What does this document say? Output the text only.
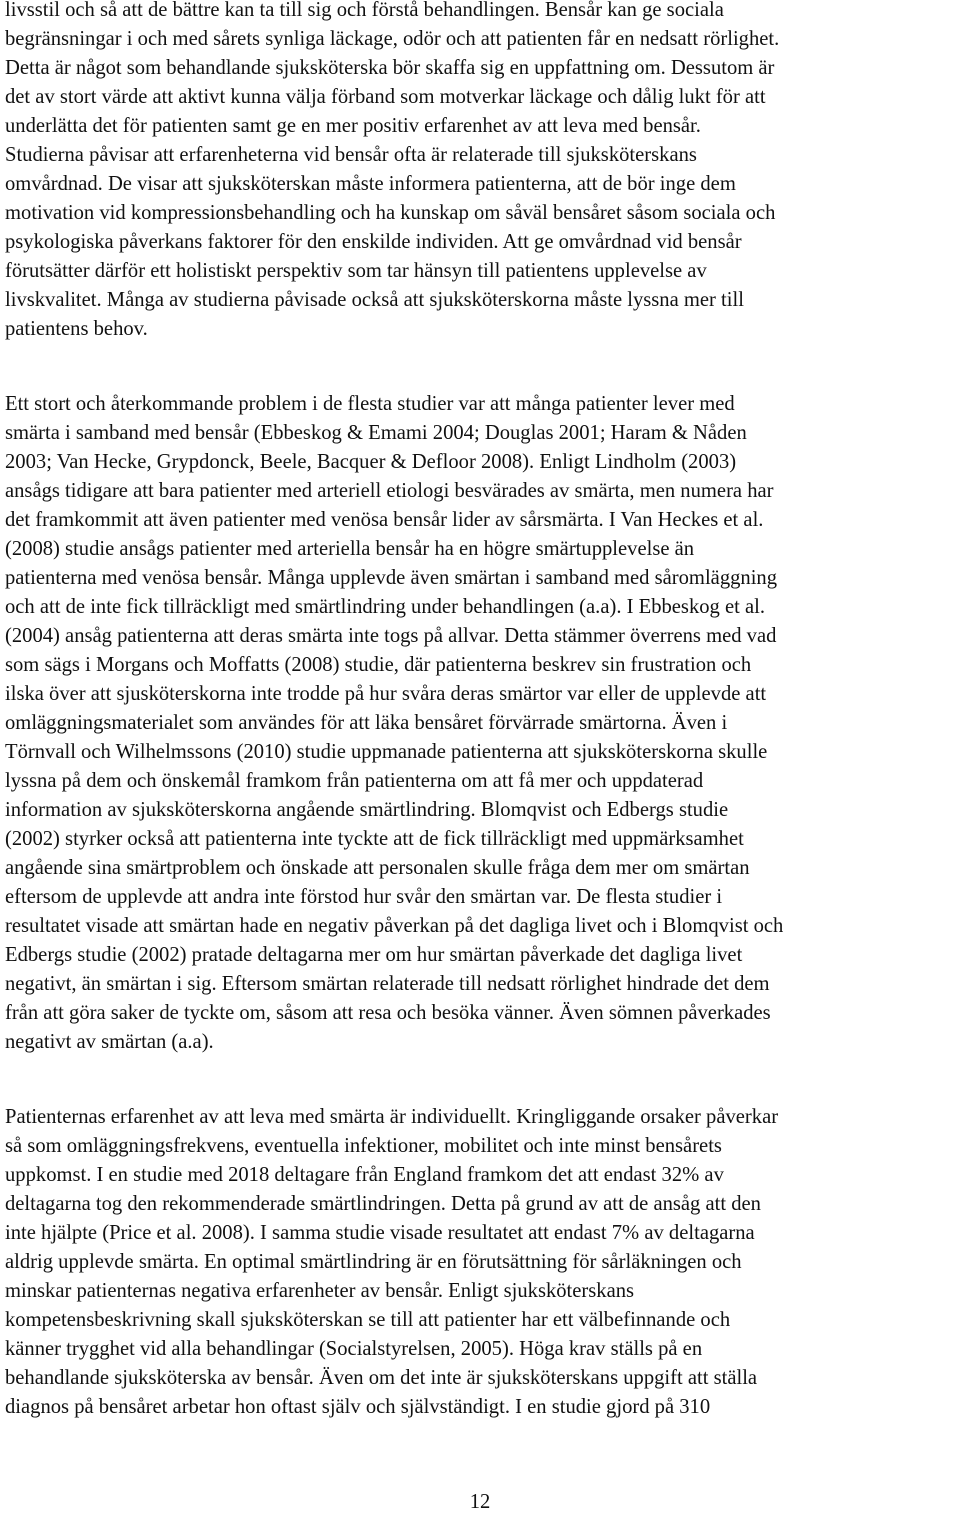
livsstil och så att de bättre kan ta till sig och förstå behandlingen. Bensår kan ge sociala
begränsningar i och med sårets synliga läckage, odör och att patienten får en nedsatt rörlighet.
Detta är något som behandlande sjuksköterska bör skaffa sig en uppfattning om. Dessutom är
det av stort värde att aktivt kunna välja förband som motverkar läckage och dålig lukt för att
underlätta det för patienten samt ge en mer positiv erfarenhet av att leva med bensår.
Studierna påvisar att erfarenheterna vid bensår ofta är relaterade till sjuksköterskans
omvårdnad. De visar att sjuksköterskan måste informera patienterna, att de bör inge dem
motivation vid kompressionsbehandling och ha kunskap om såväl bensåret såsom sociala och
psykologiska påverkans faktorer för den enskilde individen. Att ge omvårdnad vid bensår
förutsätter därför ett holistiskt perspektiv som tar hänsyn till patientens upplevelse av
livskvalitet. Många av studierna påvisade också att sjuksköterskorna måste lyssna mer till
patientens behov.

Ett stort och återkommande problem i de flesta studier var att många patienter lever med
smärta i samband med bensår (Ebbeskog & Emami 2004; Douglas 2001; Haram & Nåden
2003; Van Hecke, Grypdonck, Beele, Bacquer & Defloor 2008). Enligt Lindholm (2003)
ansågs tidigare att bara patienter med arteriell etiologi besvärades av smärta, men numera har
det framkommit att även patienter med venösa bensår lider av sårsmärta. I Van Heckes et al.
(2008) studie ansågs patienter med arteriella bensår ha en högre smärtupplevelse än
patienterna med venösa bensår. Många upplevde även smärtan i samband med såromläggning
och att de inte fick tillräckligt med smärtlindring under behandlingen (a.a). I Ebbeskog et al.
(2004) ansåg patienterna att deras smärta inte togs på allvar. Detta stämmer överrens med vad
som sägs i Morgans och Moffatts (2008) studie, där patienterna beskrev sin frustration och
ilska över att sjusköterskorna inte trodde på hur svåra deras smärtor var eller de upplevde att
omläggningsmaterialet som användes för att läka bensåret förvärrade smärtorna. Även i
Törnvall och Wilhelmssons (2010) studie uppmanade patienterna att sjuksköterskorna skulle
lyssna på dem och önskemål framkom från patienterna om att få mer och uppdaterad
information av sjuksköterskorna angående smärtlindring. Blomqvist och Edbergs studie
(2002) styrker också att patienterna inte tyckte att de fick tillräckligt med uppmärksamhet
angående sina smärtproblem och önskade att personalen skulle fråga dem mer om smärtan
eftersom de upplevde att andra inte förstod hur svår den smärtan var. De flesta studier i
resultatet visade att smärtan hade en negativ påverkan på det dagliga livet och i Blomqvist och
Edbergs studie (2002) pratade deltagarna mer om hur smärtan påverkade det dagliga livet
negativt, än smärtan i sig. Eftersom smärtan relaterade till nedsatt rörlighet hindrade det dem
från att göra saker de tyckte om, såsom att resa och besöka vänner. Även sömnen påverkades
negativt av smärtan (a.a).

Patienternas erfarenhet av att leva med smärta är individuellt. Kringliggande orsaker påverkar
så som omläggningsfrekvens, eventuella infektioner, mobilitet och inte minst bensårets
uppkomst. I en studie med 2018 deltagare från England framkom det att endast 32% av
deltagarna tog den rekommenderade smärtlindringen. Detta på grund av att de ansåg att den
inte hjälpte (Price et al. 2008). I samma studie visade resultatet att endast 7% av deltagarna
aldrig upplevde smärta. En optimal smärtlindring är en förutsättning för sårläkningen och
minskar patienternas negativa erfarenheter av bensår. Enligt sjuksköterskans
kompetensbeskrivning skall sjuksköterskan se till att patienter har ett välbefinnande och
känner trygghet vid alla behandlingar (Socialstyrelsen, 2005). Höga krav ställs på en
behandlande sjuksköterska av bensår. Även om det inte är sjuksköterskans uppgift att ställa
diagnos på bensåret arbetar hon oftast själv och självständigt. I en studie gjord på 310

12
